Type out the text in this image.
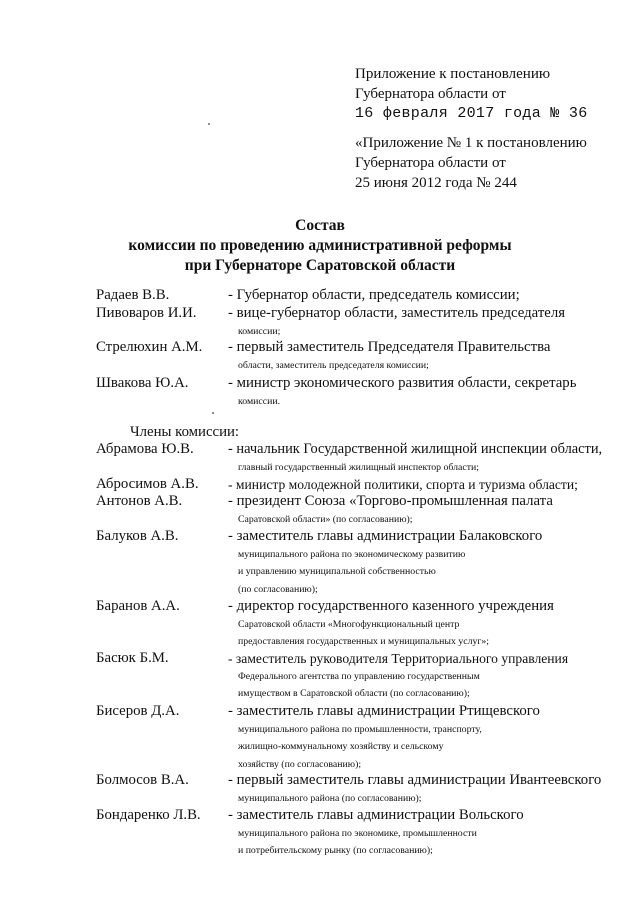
Приложение к постановлению
Губернатора области от
16 февраля 2017 года № 36
«Приложение № 1 к постановлению
Губернатора области от
25 июня 2012 года № 244
Состав
комиссии по проведению административной реформы
при Губернаторе Саратовской области
Радаев В.В.	- Губернатор области, председатель комиссии;

Пивоваров И.И. - вице-губернатор области, заместитель председателя

комиссии;

Стрелюхин А.М. - первый заместитель Председателя Правительства

области, заместитель председателя комиссии;

Швакова Ю.А.	- министр экономического развития области, секретарь

комиссии.

Члены комиссии:
Абрамова Ю.В. - начальник Государственной жилищной инспекции области,

главный государственный жилищный инспектор области;

Абросимов А.В. - министр молодежной политики, спорта и туризма области;

Антонов А.В.	- президент Союза «Торгово-промышленная палата

Саратовской области» (по согласованию);

Балуков А.В.	- заместитель главы администрации Балаковского

муниципального района по экономическому развитию

и управлению муниципальной собственностью

(по согласованию);

Баранов А.А.	- директор государственного казенного учреждения

Саратовской области «Многофункциональный центр

предоставления государственных и муниципальных услуг»;

Басюк Б.М.	- заместитель руководителя Территориального управления

Федерального агентства по управлению государственным

имуществом в Саратовской области (по согласованию);

Бисеров Д.А.	- заместитель главы администрации Ртищевского

муниципального района по промышленности, транспорту,

жилищно-коммунальному хозяйству и сельскому

хозяйству (по согласованию);

Болмосов В.А.	- первый заместитель главы администрации Ивантеевского

муниципального района (по согласованию);

Бондаренко Л.В. - заместитель главы администрации Вольского

муниципального района по экономике, промышленности

и потребительскому рынку (по согласованию);
